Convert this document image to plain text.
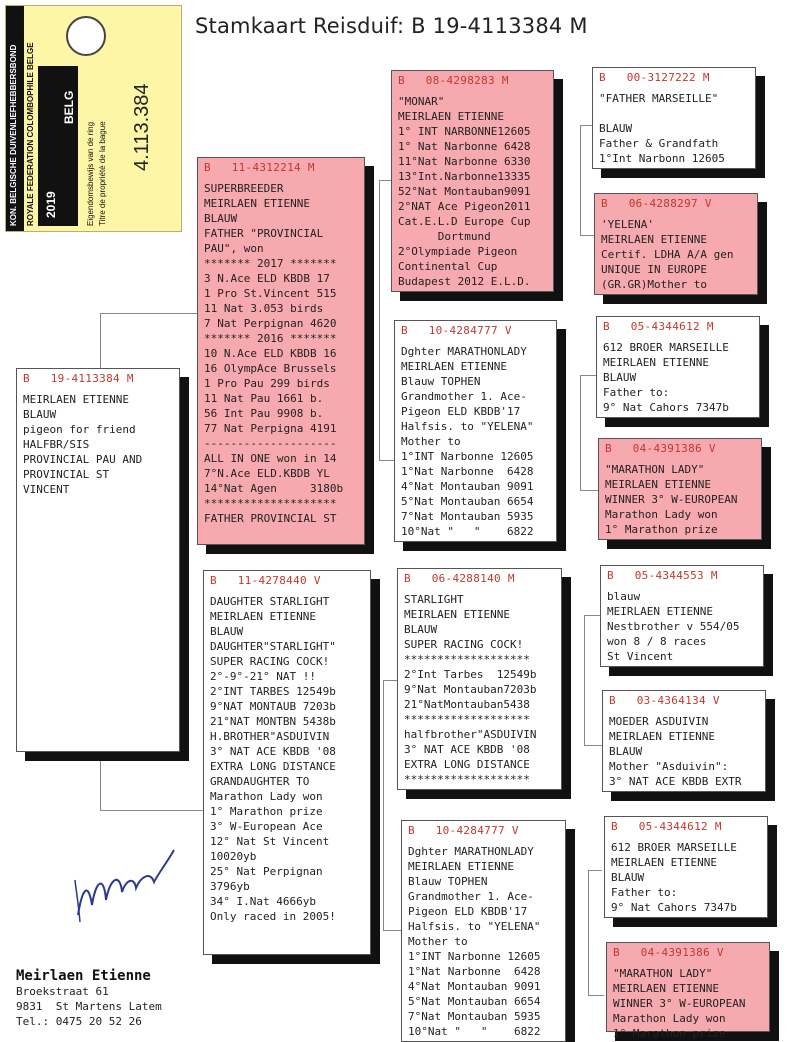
Stamkaart Reisduif: B 19-4113384 M
KON. BELGISCHE DUIVENLIEFHEBBERSBOND ROYALE FEDERATION COLOMBOPHILE BELGE 2019
BELG
Eigendomsbewijs van de ring Titre de propriété de la bague 4.113.384
B   19-4113384 M
MEIRLAEN ETIENNE
BLAUW
pigeon for friend
HALFBR/SIS
PROVINCIAL PAU AND
PROVINCIAL ST
VINCENT
B   11-4312214 M
SUPERBREEDER
MEIRLAEN ETIENNE
BLAUW
FATHER "PROVINCIAL
PAU", won
******* 2017 *******
3 N.Ace ELD KBDB 17
1 Pro St.Vincent 515
11 Nat 3.053 birds
7 Nat Perpignan 4620
******* 2016 *******
10 N.Ace ELD KBDB 16
16 OlympAce Brussels
1 Pro Pau 299 birds
11 Nat Pau 1661 b.
56 Int Pau 9908 b.
77 Nat Perpigna 4191
--------------------
ALL IN ONE won in 14
7°N.Ace ELD.KBDB YL
14°Nat Agen     3180b
********************
FATHER PROVINCIAL ST
B   11-4278440 V
DAUGHTER STARLIGHT
MEIRLAEN ETIENNE
BLAUW
DAUGHTER"STARLIGHT"
SUPER RACING COCK!
2°-9°-21° NAT !!
2°INT TARBES 12549b
9°NAT MONTAUB 7203b
21°NAT MONTBN 5438b
H.BROTHER"ASDUIVIN
3° NAT ACE KBDB '08
EXTRA LONG DISTANCE
GRANDAUGHTER TO
Marathon Lady won
1° Marathon prize
3° W-European Ace
12° Nat St Vincent
10020yb
25° Nat Perpignan
3796yb
34° I.Nat 4666yb
Only raced in 2005!
B   08-4298283 M
"MONAR"
MEIRLAEN ETIENNE
1° INT NARBONNE12605
1° Nat Narbonne 6428
11°Nat Narbonne 6330
13°Int.Narbonne13335
52°Nat Montauban9091
2°NAT Ace Pigeon2011
Cat.E.L.D Europe Cup
Dortmund
2°Olympiade Pigeon
Continental Cup
Budapest 2012 E.L.D.
B   10-4284777 V
Dghter MARATHONLADY
MEIRLAEN ETIENNE
Blauw TOPHEN
Grandmother 1. Ace-
Pigeon ELD KBDB'17
Halfsis. to "YELENA"
Mother to
1°INT Narbonne 12605
1°Nat Narbonne  6428
4°Nat Montauban 9091
5°Nat Montauban 6654
7°Nat Montauban 5935
10°Nat "   "    6822
B   06-4288140 M
STARLIGHT
MEIRLAEN ETIENNE
BLAUW
SUPER RACING COCK!
*******************
2°Int Tarbes  12549b
9°Nat Montauban7203b
21°NatMontauban5438
*******************
halfbrother"ASDUIVIN
3° NAT ACE KBDB '08
EXTRA LONG DISTANCE
*******************
B   10-4284777 V
Dghter MARATHONLADY
MEIRLAEN ETIENNE
Blauw TOPHEN
Grandmother 1. Ace-
Pigeon ELD KBDB'17
Halfsis. to "YELENA"
Mother to
1°INT Narbonne 12605
1°Nat Narbonne  6428
4°Nat Montauban 9091
5°Nat Montauban 6654
7°Nat Montauban 5935
10°Nat "   "    6822
B   00-3127222 M
"FATHER MARSEILLE"

BLAUW
Father & Grandfath
1°Int Narbonn 12605
B   06-4288297 V
'YELENA'
MEIRLAEN ETIENNE
Certif. LDHA A/A gen
UNIQUE IN EUROPE
(GR.GR)Mother to
B   05-4344612 M
612 BROER MARSEILLE
MEIRLAEN ETIENNE
BLAUW
Father to:
9° Nat Cahors 7347b
B   04-4391386 V
"MARATHON LADY"
MEIRLAEN ETIENNE
WINNER 3° W-EUROPEAN
Marathon Lady won
1° Marathon prize
B   05-4344553 M
blauw
MEIRLAEN ETIENNE
Nestbrother v 554/05
won 8 / 8 races
St Vincent
B   03-4364134 V
MOEDER ASDUIVIN
MEIRLAEN ETIENNE
BLAUW
Mother "Asduivin":
3° NAT ACE KBDB EXTR
B   05-4344612 M
612 BROER MARSEILLE
MEIRLAEN ETIENNE
BLAUW
Father to:
9° Nat Cahors 7347b
B   04-4391386 V
"MARATHON LADY"
MEIRLAEN ETIENNE
WINNER 3° W-EUROPEAN
Marathon Lady won
1° Marathon prize
Meirlaen Etienne
Broekstraat 61
9831  St Martens Latem
Tel.: 0475 20 52 26
